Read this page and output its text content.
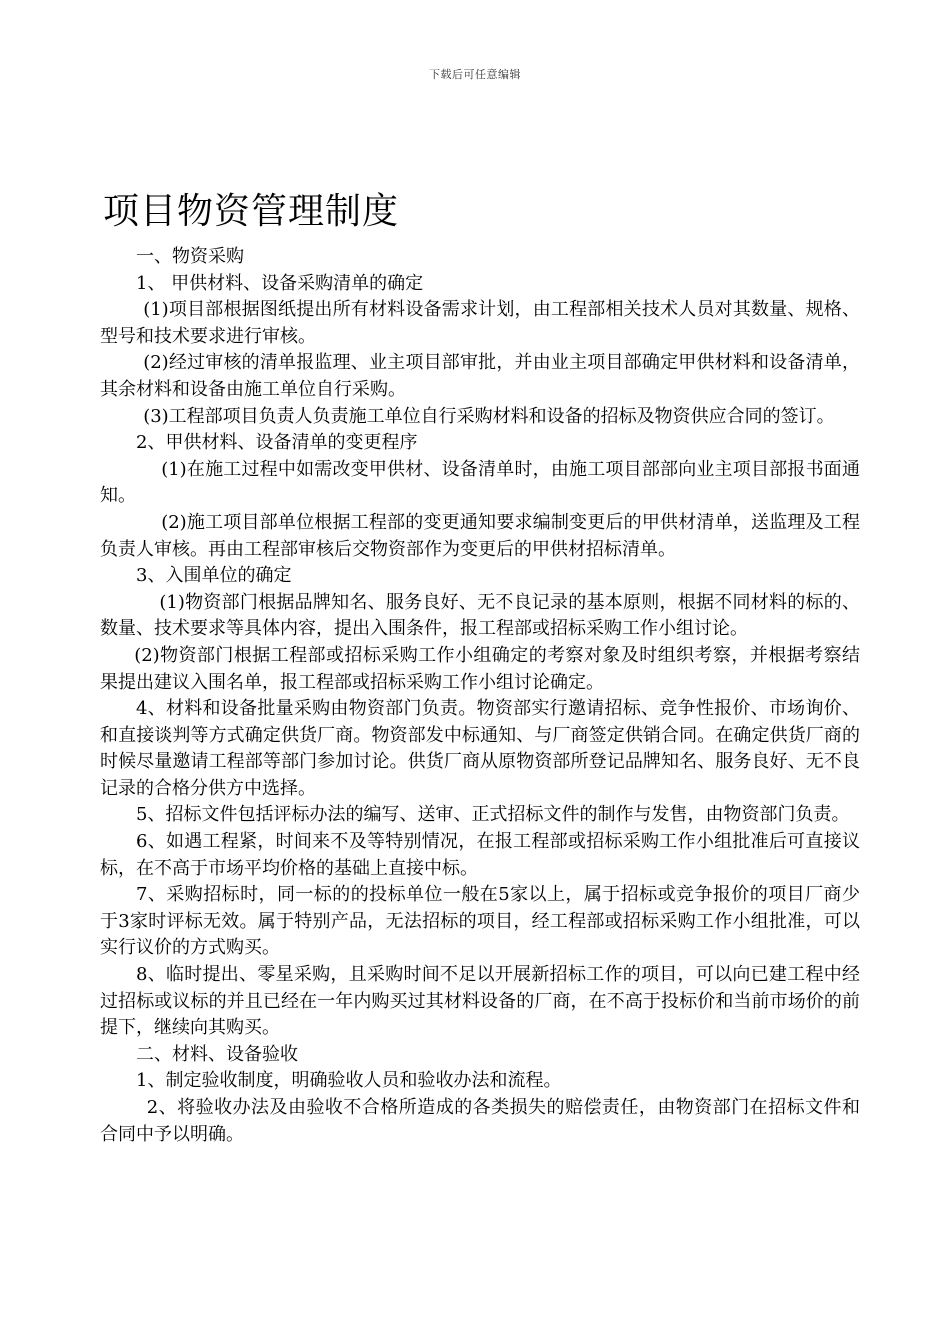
下载后可任意编辑
项目物资管理制度

一、物资采购

1、 甲供材料、设备采购清单的确定

(1)项目部根据图纸提出所有材料设备需求计划，由工程部相关技术人员对其数量、规格、型号和技术要求进行审核。

(2)经过审核的清单报监理、业主项目部审批，并由业主项目部确定甲供材料和设备清单，其余材料和设备由施工单位自行采购。

(3)工程部项目负责人负责施工单位自行采购材料和设备的招标及物资供应合同的签订。

2、甲供材料、设备清单的变更程序

(1)在施工过程中如需改变甲供材、设备清单时，由施工项目部部向业主项目部报书面通知。

(2)施工项目部单位根据工程部的变更通知要求编制变更后的甲供材清单，送监理及工程负责人审核。再由工程部审核后交物资部作为变更后的甲供材招标清单。

3、入围单位的确定

(1)物资部门根据品牌知名、服务良好、无不良记录的基本原则，根据不同材料的标的、数量、技术要求等具体内容，提出入围条件，报工程部或招标采购工作小组讨论。

(2)物资部门根据工程部或招标采购工作小组确定的考察对象及时组织考察，并根据考察结果提出建议入围名单，报工程部或招标采购工作小组讨论确定。

4、材料和设备批量采购由物资部门负责。物资部实行邀请招标、竞争性报价、市场询价、和直接谈判等方式确定供货厂商。物资部发中标通知、与厂商签定供销合同。在确定供货厂商的时候尽量邀请工程部等部门参加讨论。供货厂商从原物资部所登记品牌知名、服务良好、无不良记录的合格分供方中选择。

5、招标文件包括评标办法的编写、送审、正式招标文件的制作与发售，由物资部门负责。

6、如遇工程紧，时间来不及等特别情况，在报工程部或招标采购工作小组批准后可直接议标，在不高于市场平均价格的基础上直接中标。

7、采购招标时，同一标的的投标单位一般在5家以上，属于招标或竞争报价的项目厂商少于3家时评标无效。属于特别产品，无法招标的项目，经工程部或招标采购工作小组批准，可以实行议价的方式购买。

8、临时提出、零星采购，且采购时间不足以开展新招标工作的项目，可以向已建工程中经过招标或议标的并且已经在一年内购买过其材料设备的厂商，在不高于投标价和当前市场价的前提下，继续向其购买。

二、材料、设备验收

1、制定验收制度，明确验收人员和验收办法和流程。

2、将验收办法及由验收不合格所造成的各类损失的赔偿责任，由物资部门在招标文件和合同中予以明确。
